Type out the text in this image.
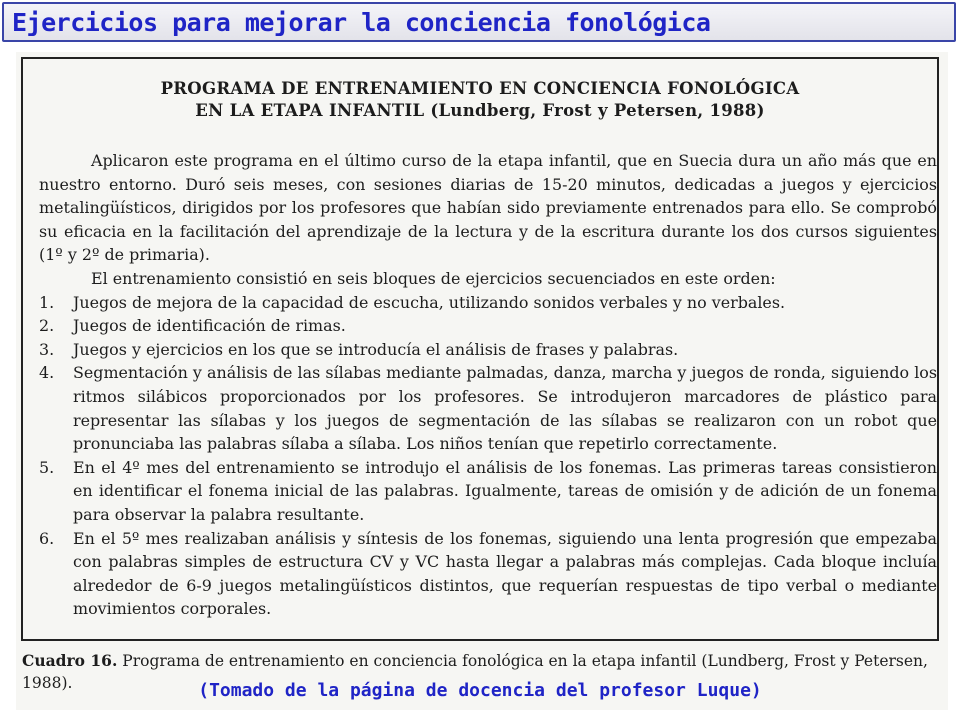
Ejercicios para mejorar la conciencia fonológica
PROGRAMA DE ENTRENAMIENTO EN CONCIENCIA FONOLÓGICA
EN LA ETAPA INFANTIL (Lundberg, Frost y Petersen, 1988)

Aplicaron este programa en el último curso de la etapa infantil, que en Suecia dura un año más que en nuestro entorno. Duró seis meses, con sesiones diarias de 15-20 minutos, dedicadas a juegos y ejercicios metalingüísticos, dirigidos por los profesores que habían sido previamente entrenados para ello. Se comprobó su eficacia en la facilitación del aprendizaje de la lectura y de la escritura durante los dos cursos siguientes (1º y 2º de primaria).

El entrenamiento consistió en seis bloques de ejercicios secuenciados en este orden:

1.	Juegos de mejora de la capacidad de escucha, utilizando sonidos verbales y no verbales.
2.	Juegos de identificación de rimas.
3.	Juegos y ejercicios en los que se introducía el análisis de frases y palabras.
4.	Segmentación y análisis de las sílabas mediante palmadas, danza, marcha y juegos de ronda, siguiendo los ritmos silábicos proporcionados por los profesores. Se introdujeron marcadores de plástico para representar las sílabas y los juegos de segmentación de las sílabas se realizaron con un robot que pronunciaba las palabras sílaba a sílaba. Los niños tenían que repetirlo correctamente.
5.	En el 4º mes del entrenamiento se introdujo el análisis de los fonemas. Las primeras tareas consistieron en identificar el fonema inicial de las palabras. Igualmente, tareas de omisión y de adición de un fonema para observar la palabra resultante.
6.	En el 5º mes realizaban análisis y síntesis de los fonemas, siguiendo una lenta progresión que empezaba con palabras simples de estructura CV y VC hasta llegar a palabras más complejas. Cada bloque incluía alrededor de 6-9 juegos metalingüísticos distintos, que requerían respuestas de tipo verbal o mediante movimientos corporales.
Cuadro 16. Programa de entrenamiento en conciencia fonológica en la etapa infantil (Lundberg, Frost y Petersen, 1988).	(Tomado de la página de docencia del profesor Luque)
